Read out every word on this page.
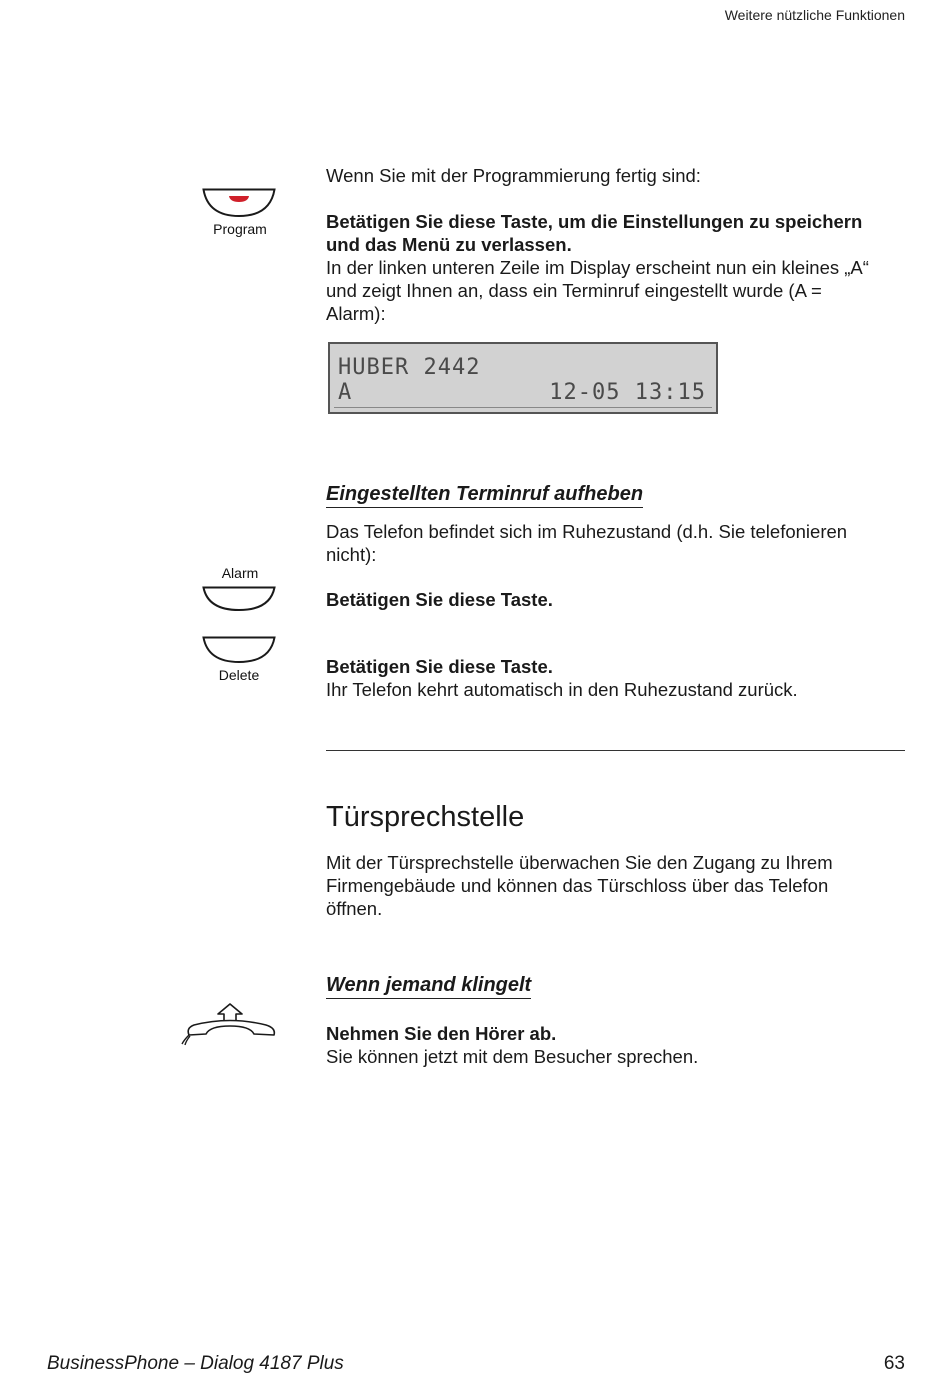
Weitere nützliche Funktionen
Program

Wenn Sie mit der Programmierung fertig sind:

Betätigen Sie diese Taste, um die Einstellungen zu speichern

und das Menü zu verlassen.

In der linken unteren Zeile im Display erscheint nun ein kleines „A“

und zeigt Ihnen an, dass ein Terminruf eingestellt wurde (A =

Alarm):

HUBER 2442
A	12-05 13:15
Eingestellten Terminruf aufheben

Das Telefon befindet sich im Ruhezustand (d.h. Sie telefonieren

nicht):

Alarm

Betätigen Sie diese Taste.

Delete	Betätigen Sie diese Taste.

Ihr Telefon kehrt automatisch in den Ruhezustand zurück.

Türsprechstelle

Mit der Türsprechstelle überwachen Sie den Zugang zu Ihrem

Firmengebäude und können das Türschloss über das Telefon

öffnen.

Wenn jemand klingelt

Nehmen Sie den Hörer ab.

Sie können jetzt mit dem Besucher sprechen.

BusinessPhone – Dialog 4187 Plus	63
